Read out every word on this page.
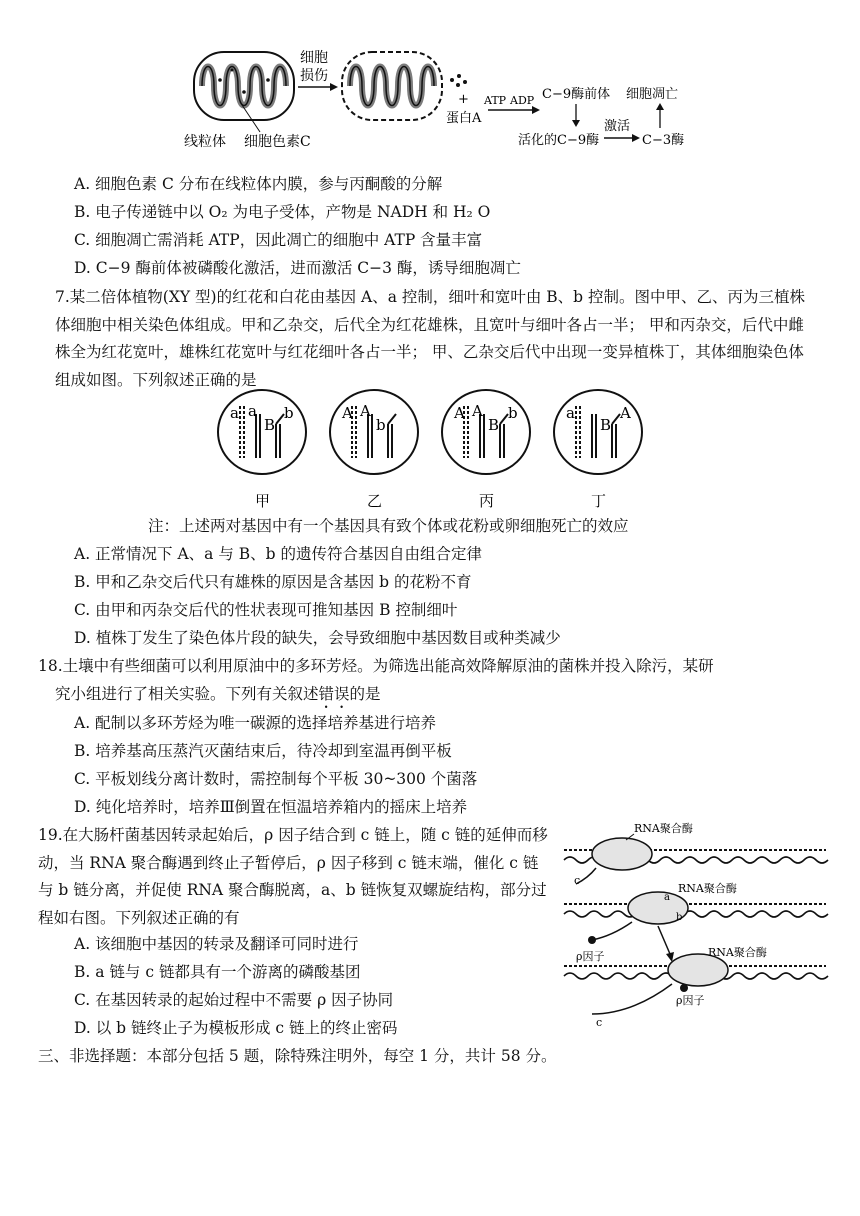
细胞
损伤
+
蛋白A
线粒体 细胞色素C
ATP ADP C−9酶前体
活化的C−9酶
激活
C−3酶
细胞凋亡
A. 细胞色素 C 分布在线粒体内膜，参与丙酮酸的分解
B. 电子传递链中以 O₂ 为电子受体，产物是 NADH 和 H₂ O
C. 细胞凋亡需消耗 ATP，因此凋亡的细胞中 ATP 含量丰富
D. C−9 酶前体被磷酸化激活，进而激活 C−3 酶，诱导细胞凋亡
7.某二倍体植物(XY 型)的红花和白花由基因 A、a 控制，细叶和宽叶由 B、b 控制。图中甲、乙、丙为三植株体细胞中相关染色体组成。甲和乙杂交，后代全为红花雄株，且宽叶与细叶各占一半； 甲和丙杂交，后代中雌株全为红花宽叶，雄株红花宽叶与红花细叶各占一半； 甲、乙杂交后代中出现一变异植株丁，其体细胞染色体组成如图。下列叙述正确的是
a a
B
b
甲
A A
b
乙
A A
B
b
丙
a
B
A
丁
注：上述两对基因中有一个基因具有致个体或花粉或卵细胞死亡的效应
A. 正常情况下 A、a 与 B、b 的遗传符合基因自由组合定律
B. 甲和乙杂交后代只有雄株的原因是含基因 b 的花粉不育
C. 由甲和丙杂交后代的性状表现可推知基因 B 控制细叶
D. 植株丁发生了染色体片段的缺失，会导致细胞中基因数目或种类减少
18.土壤中有些细菌可以利用原油中的多环芳烃。为筛选出能高效降解原油的菌株并投入除污，某研
究小组进行了相关实验。下列有关叙述错误的是
A. 配制以多环芳烃为唯一碳源的选择培养基进行培养
B. 培养基高压蒸汽灭菌结束后，待冷却到室温再倒平板
C. 平板划线分离计数时，需控制每个平板 30~300 个菌落
D. 纯化培养时，培养Ⅲ倒置在恒温培养箱内的摇床上培养
19.在大肠杆菌基因转录起始后，ρ 因子结合到 c 链上，随 c 链的延伸而移动，当 RNA 聚合酶遇到终止子暂停后，ρ 因子移到 c 链末端，催化 c 链与 b 链分离，并促使 RNA 聚合酶脱离，a、b 链恢复双螺旋结构，部分过程如右图。下列叙述正确的有
A. 该细胞中基因的转录及翻译可同时进行
B. a 链与 c 链都具有一个游离的磷酸基团
C. 在基因转录的起始过程中不需要 ρ 因子协同
D. 以 b 链终止子为模板形成 c 链上的终止密码
RNA聚合酶
c
RNA聚合酶
a
b
ρ因子	RNA聚合酶
ρ因子
c
三、非选择题：本部分包括 5 题，除特殊注明外，每空 1 分，共计 58 分。
